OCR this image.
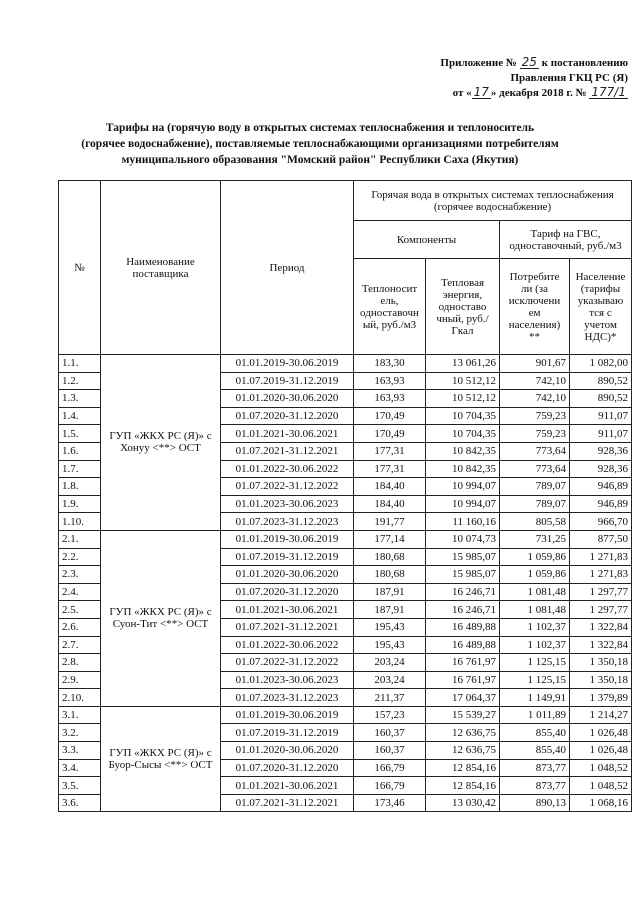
Приложение № 25 к постановлению
Правления ГКЦ РС (Я)
от « 17 » декабря 2018 г. № 177/1
Тарифы на (горячую воду в открытых системах теплоснабжения и теплоноситель
(горячее водоснабжение), поставляемые теплоснабжающими организациями потребителям
муниципального образования "Момский район" Республики Саха (Якутия)
№	Наименование поставщика	Период	Горячая вода в открытых системах теплоснабжения (горячее водоснабжение)			
			Компоненты		Тариф на ГВС, одноставочный, руб./м3	
			Теплоносит ель, одноставочн ый, руб./м3	Тепловая энергия, одноставо чный, руб./Гкал	Потребите ли (за исключени ем населения) **	Население (тарифы указываю тся с учетом НДС)*
1.1.	ГУП «ЖКХ РС (Я)» с Хонуу <**> ОСТ	01.01.2019-30.06.2019	183,30	13 061,26	901,67	1 082,00
1.2.		01.07.2019-31.12.2019	163,93	10 512,12	742,10	890,52
1.3.		01.01.2020-30.06.2020	163,93	10 512,12	742,10	890,52
1.4.		01.07.2020-31.12.2020	170,49	10 704,35	759,23	911,07
1.5.		01.01.2021-30.06.2021	170,49	10 704,35	759,23	911,07
1.6.		01.07.2021-31.12.2021	177,31	10 842,35	773,64	928,36
1.7.		01.01.2022-30.06.2022	177,31	10 842,35	773,64	928,36
1.8.		01.07.2022-31.12.2022	184,40	10 994,07	789,07	946,89
1.9.		01.01.2023-30.06.2023	184,40	10 994,07	789,07	946,89
1.10.		01.07.2023-31.12.2023	191,77	11 160,16	805,58	966,70
2.1.	ГУП «ЖКХ РС (Я)» с Суон-Тит <**> ОСТ	01.01.2019-30.06.2019	177,14	10 074,73	731,25	877,50
2.2.		01.07.2019-31.12.2019	180,68	15 985,07	1 059,86	1 271,83
2.3.		01.01.2020-30.06.2020	180,68	15 985,07	1 059,86	1 271,83
2.4.		01.07.2020-31.12.2020	187,91	16 246,71	1 081,48	1 297,77
2.5.		01.01.2021-30.06.2021	187,91	16 246,71	1 081,48	1 297,77
2.6.		01.07.2021-31.12.2021	195,43	16 489,88	1 102,37	1 322,84
2.7.		01.01.2022-30.06.2022	195,43	16 489,88	1 102,37	1 322,84
2.8.		01.07.2022-31.12.2022	203,24	16 761,97	1 125,15	1 350,18
2.9.		01.01.2023-30.06.2023	203,24	16 761,97	1 125,15	1 350,18
2.10.		01.07.2023-31.12.2023	211,37	17 064,37	1 149,91	1 379,89
3.1.	ГУП «ЖКХ РС (Я)» с Буор-Сысы <**> ОСТ	01.01.2019-30.06.2019	157,23	15 539,27	1 011,89	1 214,27
3.2.		01.07.2019-31.12.2019	160,37	12 636,75	855,40	1 026,48
3.3.		01.01.2020-30.06.2020	160,37	12 636,75	855,40	1 026,48
3.4.		01.07.2020-31.12.2020	166,79	12 854,16	873,77	1 048,52
3.5.		01.01.2021-30.06.2021	166,79	12 854,16	873,77	1 048,52
3.6.		01.07.2021-31.12.2021	173,46	13 030,42	890,13	1 068,16
